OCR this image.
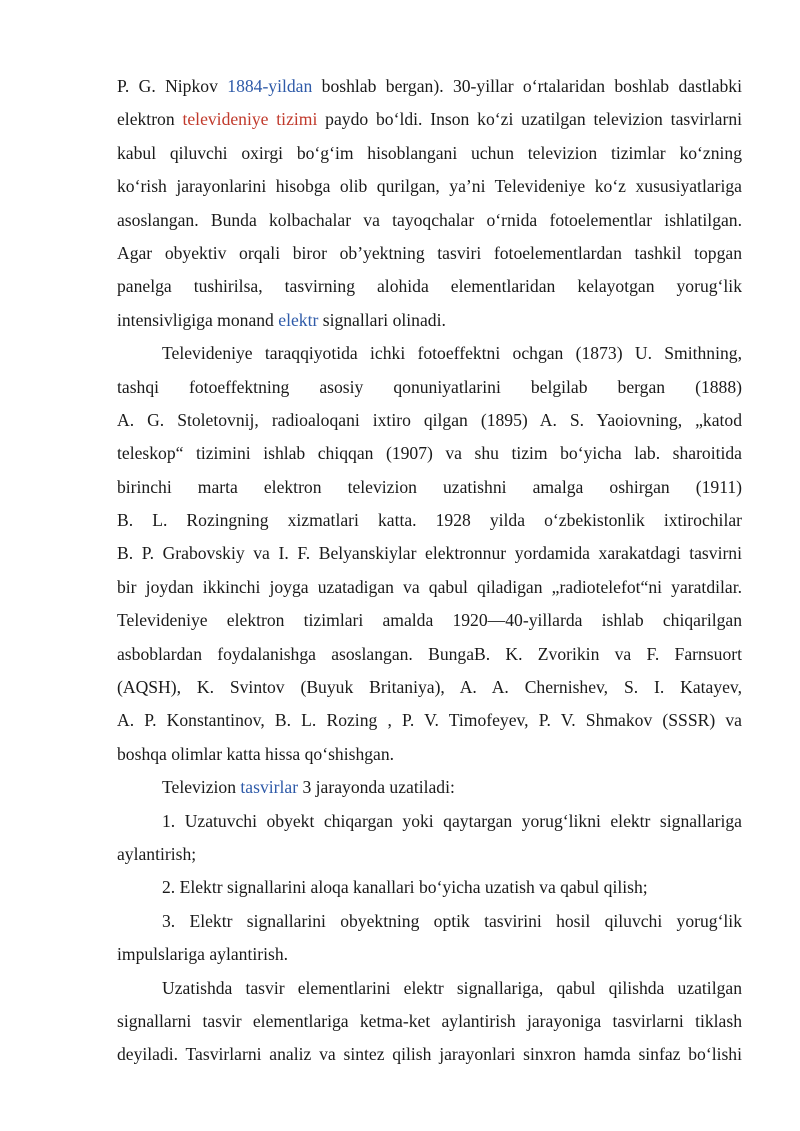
P. G. Nipkov 1884-yildan boshlab bergan). 30-yillar o‘rtalaridan boshlab dastlabki
elektron televideniye tizimi paydo bo‘ldi. Inson ko‘zi uzatilgan televizion tasvirlarni
kabul qiluvchi oxirgi bo‘g‘im hisoblangani uchun televizion tizimlar ko‘zning
ko‘rish jarayonlarini hisobga olib qurilgan, ya’ni Televideniye ko‘z xususiyatlariga
asoslangan. Bunda kolbachalar va tayoqchalar o‘rnida fotoelementlar ishlatilgan.
Agar obyektiv orqali biror ob’yektning tasviri fotoelementlardan tashkil topgan
panelga tushirilsa, tasvirning alohida elementlaridan kelayotgan yorug‘lik
intensivligiga monand elektr signallari olinadi.
Televideniye taraqqiyotida ichki fotoeffektni ochgan (1873) U. Smithning,
tashqi fotoeffektning asosiy qonuniyatlarini belgilab bergan (1888)
A. G. Stoletovnij, radioaloqani ixtiro qilgan (1895) A. S. Yaoiovning, „katod
teleskop“ tizimini ishlab chiqqan (1907) va shu tizim bo‘yicha lab. sharoitida
birinchi marta elektron televizion uzatishni amalga oshirgan (1911)
B. L. Rozingning xizmatlari katta. 1928 yilda o‘zbekistonlik ixtirochilar
B. P. Grabovskiy va I. F. Belyanskiylar elektronnur yordamida xarakatdagi tasvirni
bir joydan ikkinchi joyga uzatadigan va qabul qiladigan „radiotelefot“ni yaratdilar.
Televideniye elektron tizimlari amalda 1920—40-yillarda ishlab chiqarilgan
asboblardan foydalanishga asoslangan. BungaB. K. Zvorikin va F. Farnsuort
(AQSH), K. Svintov (Buyuk Britaniya), A. A. Chernishev, S. I. Katayev,
A. P. Konstantinov, B. L. Rozing , P. V. Timofeyev, P. V. Shmakov (SSSR) va
boshqa olimlar katta hissa qo‘shishgan.
Televizion tasvirlar 3 jarayonda uzatiladi:
1. Uzatuvchi obyekt chiqargan yoki qaytargan yorug‘likni elektr signallariga
aylantirish;
2. Elektr signallarini aloqa kanallari bo‘yicha uzatish va qabul qilish;
3. Elektr signallarini obyektning optik tasvirini hosil qiluvchi yorug‘lik
impulslariga aylantirish.
Uzatishda tasvir elementlarini elektr signallariga, qabul qilishda uzatilgan
signallarni tasvir elementlariga ketma-ket aylantirish jarayoniga tasvirlarni tiklash
deyiladi. Tasvirlarni analiz va sintez qilish jarayonlari sinxron hamda sinfaz bo‘lishi
